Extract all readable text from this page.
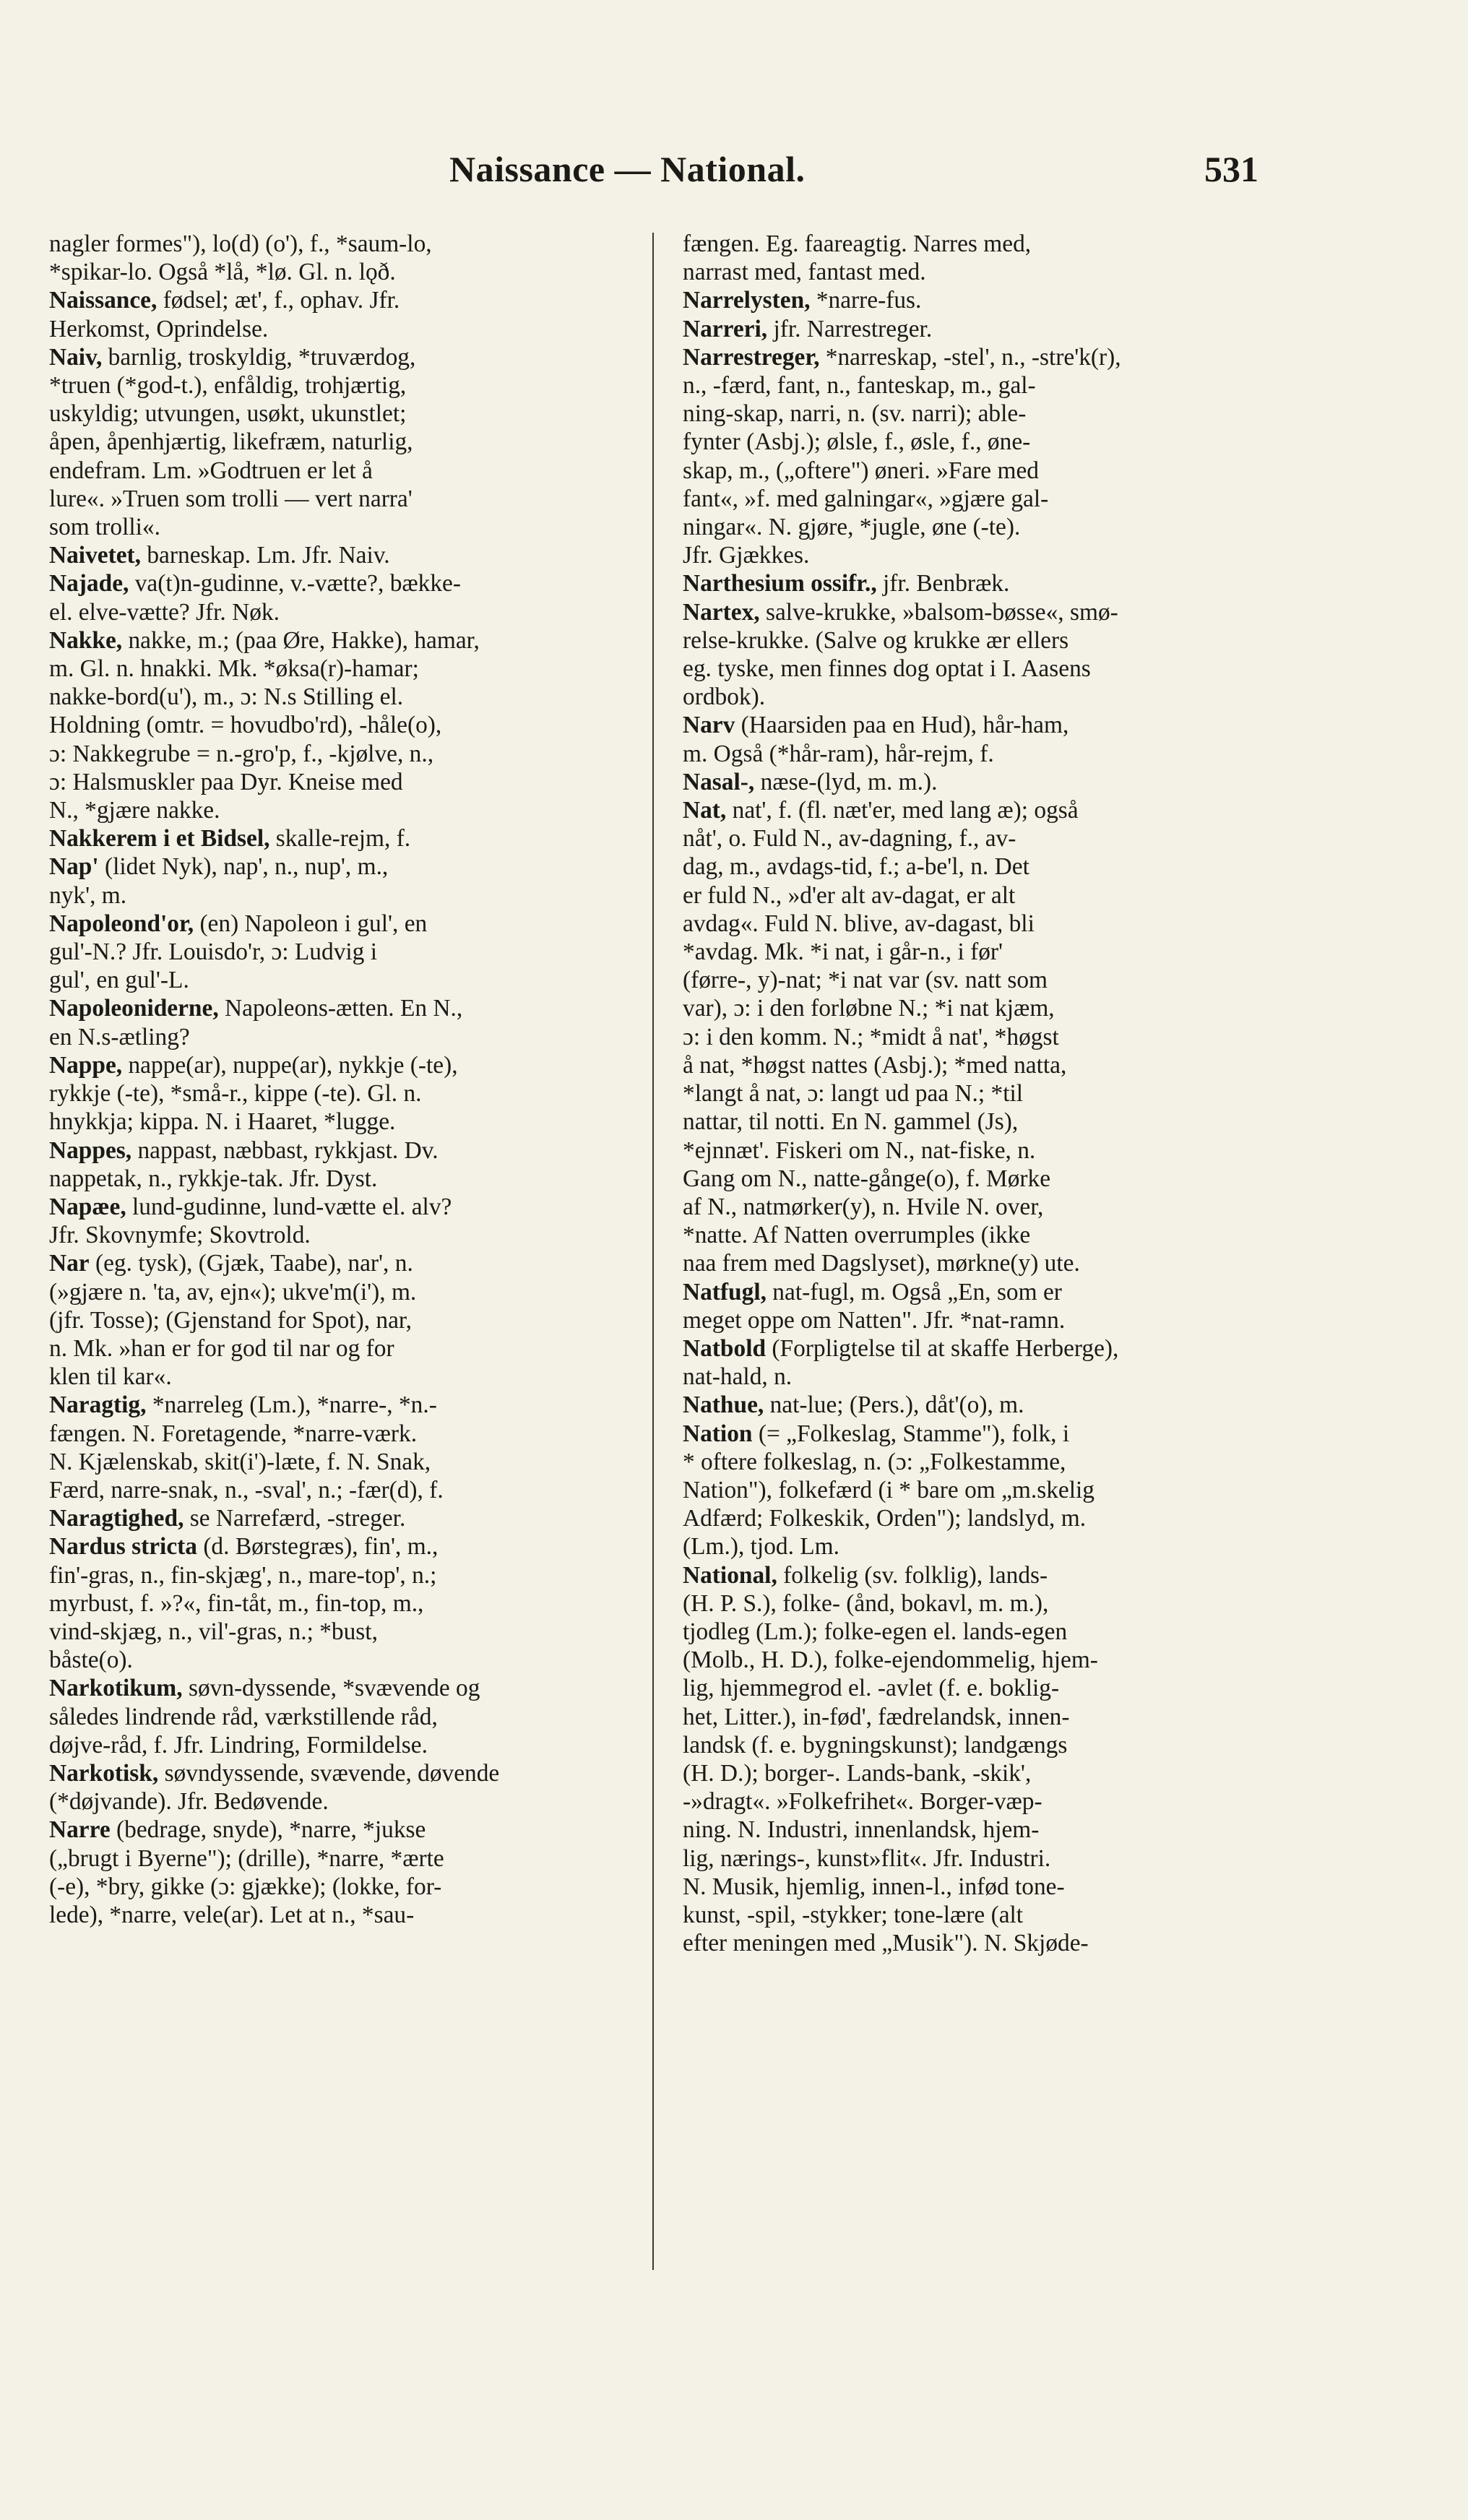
Naissance — National.	531
nagler formes"), lo(d) (o'), f., *saum-lo,
*spikar-lo. Også *lå, *lø. Gl. n. lǫð.
Naissance, fødsel; æt', f., ophav. Jfr.
Herkomst, Oprindelse.
Naiv, barnlig, troskyldig, *truværdog,
*truen (*god-t.), enfåldig, trohjærtig,
uskyldig; utvungen, usøkt, ukunstlet;
åpen, åpenhjærtig, likefræm, naturlig,
endefram. Lm. »Godtruen er let å
lure«. »Truen som trolli — vert narra'
som trolli«.
Naivetet, barneskap. Lm. Jfr. Naiv.
Najade, va(t)n-gudinne, v.-vætte?, bække-
el. elve-vætte? Jfr. Nøk.
Nakke, nakke, m.; (paa Øre, Hakke), hamar,
m. Gl. n. hnakki. Mk. *øksa(r)-hamar;
nakke-bord(u'), m., ɔ: N.s Stilling el.
Holdning (omtr. = hovudbo'rd), -håle(o),
ɔ: Nakkegrube = n.-gro'p, f., -kjølve, n.,
ɔ: Halsmuskler paa Dyr. Kneise med
N., *gjære nakke.
Nakkerem i et Bidsel, skalle-rejm, f.
Nap' (lidet Nyk), nap', n., nup', m.,
nyk', m.
Napoleond'or, (en) Napoleon i gul', en
gul'-N.? Jfr. Louisdo'r, ɔ: Ludvig i
gul', en gul'-L.
Napoleoniderne, Napoleons-ætten. En N.,
en N.s-ætling?
Nappe, nappe(ar), nuppe(ar), nykkje (-te),
rykkje (-te), *små-r., kippe (-te). Gl. n.
hnykkja; kippa. N. i Haaret, *lugge.
Nappes, nappast, næbbast, rykkjast. Dv.
nappetak, n., rykkje-tak. Jfr. Dyst.
Napæe, lund-gudinne, lund-vætte el. alv?
Jfr. Skovnymfe; Skovtrold.
Nar (eg. tysk), (Gjæk, Taabe), nar', n.
(»gjære n. 'ta, av, ejn«); ukve'm(i'), m.
(jfr. Tosse); (Gjenstand for Spot), nar,
n. Mk. »han er for god til nar og for
klen til kar«.
Naragtig, *narreleg (Lm.), *narre-, *n.-
fængen. N. Foretagende, *narre-værk.
N. Kjælenskab, skit(i')-læte, f. N. Snak,
Færd, narre-snak, n., -sval', n.; -fær(d), f.
Naragtighed, se Narrefærd, -streger.
Nardus stricta (d. Børstegræs), fin', m.,
fin'-gras, n., fin-skjæg', n., mare-top', n.;
myrbust, f. »?«, fin-tåt, m., fin-top, m.,
vind-skjæg, n., vil'-gras, n.; *bust,
båste(o).
Narkotikum, søvn-dyssende, *svævende og
således lindrende råd, værkstillende råd,
døjve-råd, f. Jfr. Lindring, Formildelse.
Narkotisk, søvndyssende, svævende, døvende
(*døjvande). Jfr. Bedøvende.
Narre (bedrage, snyde), *narre, *jukse
(„brugt i Byerne"); (drille), *narre, *ærte
(-e), *bry, gikke (ɔ: gjække); (lokke, for-
lede), *narre, vele(ar). Let at n., *sau-
fængen. Eg. faareagtig. Narres med,
narrast med, fantast med.
Narrelysten, *narre-fus.
Narreri, jfr. Narrestreger.
Narrestreger, *narreskap, -stel', n., -stre'k(r),
n., -færd, fant, n., fanteskap, m., gal-
ning-skap, narri, n. (sv. narri); able-
fynter (Asbj.); ølsle, f., øsle, f., øne-
skap, m., („oftere") øneri. »Fare med
fant«, »f. med galningar«, »gjære gal-
ningar«. N. gjøre, *jugle, øne (-te).
Jfr. Gjækkes.
Narthesium ossifr., jfr. Benbræk.
Nartex, salve-krukke, »balsom-bøsse«, smø-
relse-krukke. (Salve og krukke ær ellers
eg. tyske, men finnes dog optat i I. Aasens
ordbok).
Narv (Haarsiden paa en Hud), hår-ham,
m. Også (*hår-ram), hår-rejm, f.
Nasal-, næse-(lyd, m. m.).
Nat, nat', f. (fl. næt'er, med lang æ); også
nåt', o. Fuld N., av-dagning, f., av-
dag, m., avdags-tid, f.; a-be'l, n. Det
er fuld N., »d'er alt av-dagat, er alt
avdag«. Fuld N. blive, av-dagast, bli
*avdag. Mk. *i nat, i går-n., i før'
(førre-, y)-nat; *i nat var (sv. natt som
var), ɔ: i den forløbne N.; *i nat kjæm,
ɔ: i den komm. N.; *midt å nat', *høgst
å nat, *høgst nattes (Asbj.); *med natta,
*langt å nat, ɔ: langt ud paa N.; *til
nattar, til notti. En N. gammel (Js),
*ejnnæt'. Fiskeri om N., nat-fiske, n.
Gang om N., natte-gånge(o), f. Mørke
af N., natmørker(y), n. Hvile N. over,
*natte. Af Natten overrumples (ikke
naa frem med Dagslyset), mørkne(y) ute.
Natfugl, nat-fugl, m. Også „En, som er
meget oppe om Natten". Jfr. *nat-ramn.
Natbold (Forpligtelse til at skaffe Herberge),
nat-hald, n.
Nathue, nat-lue; (Pers.), dåt'(o), m.
Nation (= „Folkeslag, Stamme"), folk, i
* oftere folkeslag, n. (ɔ: „Folkestamme,
Nation"), folkefærd (i * bare om „m.skelig
Adfærd; Folkeskik, Orden"); landslyd, m.
(Lm.), tjod. Lm.
National, folkelig (sv. folklig), lands-
(H. P. S.), folke- (ånd, bokavl, m. m.),
tjodleg (Lm.); folke-egen el. lands-egen
(Molb., H. D.), folke-ejendommelig, hjem-
lig, hjemmegrod el. -avlet (f. e. boklig-
het, Litter.), in-fød', fædrelandsk, innen-
landsk (f. e. bygningskunst); landgængs
(H. D.); borger-. Lands-bank, -skik',
-»dragt«. »Folkefrihet«. Borger-væp-
ning. N. Industri, innenlandsk, hjem-
lig, nærings-, kunst»flit«. Jfr. Industri.
N. Musik, hjemlig, innen-l., infød tone-
kunst, -spil, -stykker; tone-lære (alt
efter meningen med „Musik"). N. Skjøde-
